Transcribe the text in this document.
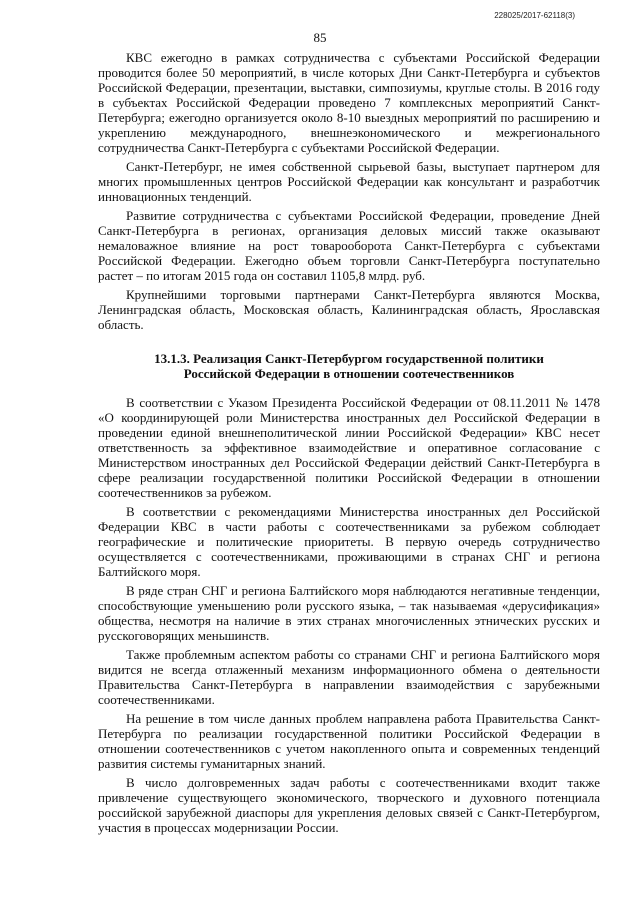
228025/2017-62118(3)
85

КВС ежегодно в рамках сотрудничества с субъектами Российской Федерации проводится более 50 мероприятий, в числе которых Дни Санкт-Петербурга и субъектов Российской Федерации, презентации, выставки, симпозиумы, круглые столы. В 2016 году в субъектах Российской Федерации проведено 7 комплексных мероприятий Санкт-Петербурга; ежегодно организуется около 8-10 выездных мероприятий по расширению и укреплению международного, внешнеэкономического и межрегионального сотрудничества Санкт-Петербурга с субъектами Российской Федерации.

Санкт-Петербург, не имея собственной сырьевой базы, выступает партнером для многих промышленных центров Российской Федерации как консультант и разработчик инновационных тенденций.

Развитие сотрудничества с субъектами Российской Федерации, проведение Дней Санкт-Петербурга в регионах, организация деловых миссий также оказывают немаловажное влияние на рост товарооборота Санкт-Петербурга с субъектами Российской Федерации. Ежегодно объем торговли Санкт-Петербурга поступательно растет – по итогам 2015 года он составил 1105,8 млрд. руб.

Крупнейшими торговыми партнерами Санкт-Петербурга являются Москва, Ленинградская область, Московская область, Калининградская область, Ярославская область.

13.1.3. Реализация Санкт-Петербургом государственной политики
Российской Федерации в отношении соотечественников

В соответствии с Указом Президента Российской Федерации от 08.11.2011 № 1478 «О координирующей роли Министерства иностранных дел Российской Федерации в проведении единой внешнеполитической линии Российской Федерации» КВС несет ответственность за эффективное взаимодействие и оперативное согласование с Министерством иностранных дел Российской Федерации действий Санкт-Петербурга в сфере реализации государственной политики Российской Федерации в отношении соотечественников за рубежом.

В соответствии с рекомендациями Министерства иностранных дел Российской Федерации КВС в части работы с соотечественниками за рубежом соблюдает географические и политические приоритеты. В первую очередь сотрудничество осуществляется с соотечественниками, проживающими в странах СНГ и региона Балтийского моря.

В ряде стран СНГ и региона Балтийского моря наблюдаются негативные тенденции, способствующие уменьшению роли русского языка, – так называемая «дерусификация» общества, несмотря на наличие в этих странах многочисленных этнических русских и русскоговорящих меньшинств.

Также проблемным аспектом работы со странами СНГ и региона Балтийского моря видится не всегда отлаженный механизм информационного обмена о деятельности Правительства Санкт-Петербурга в направлении взаимодействия с зарубежными соотечественниками.

На решение в том числе данных проблем направлена работа Правительства Санкт-Петербурга по реализации государственной политики Российской Федерации в отношении соотечественников с учетом накопленного опыта и современных тенденций развития системы гуманитарных знаний.

В число долговременных задач работы с соотечественниками входит также привлечение существующего экономического, творческого и духовного потенциала российской зарубежной диаспоры для укрепления деловых связей с Санкт-Петербургом, участия в процессах модернизации России.
